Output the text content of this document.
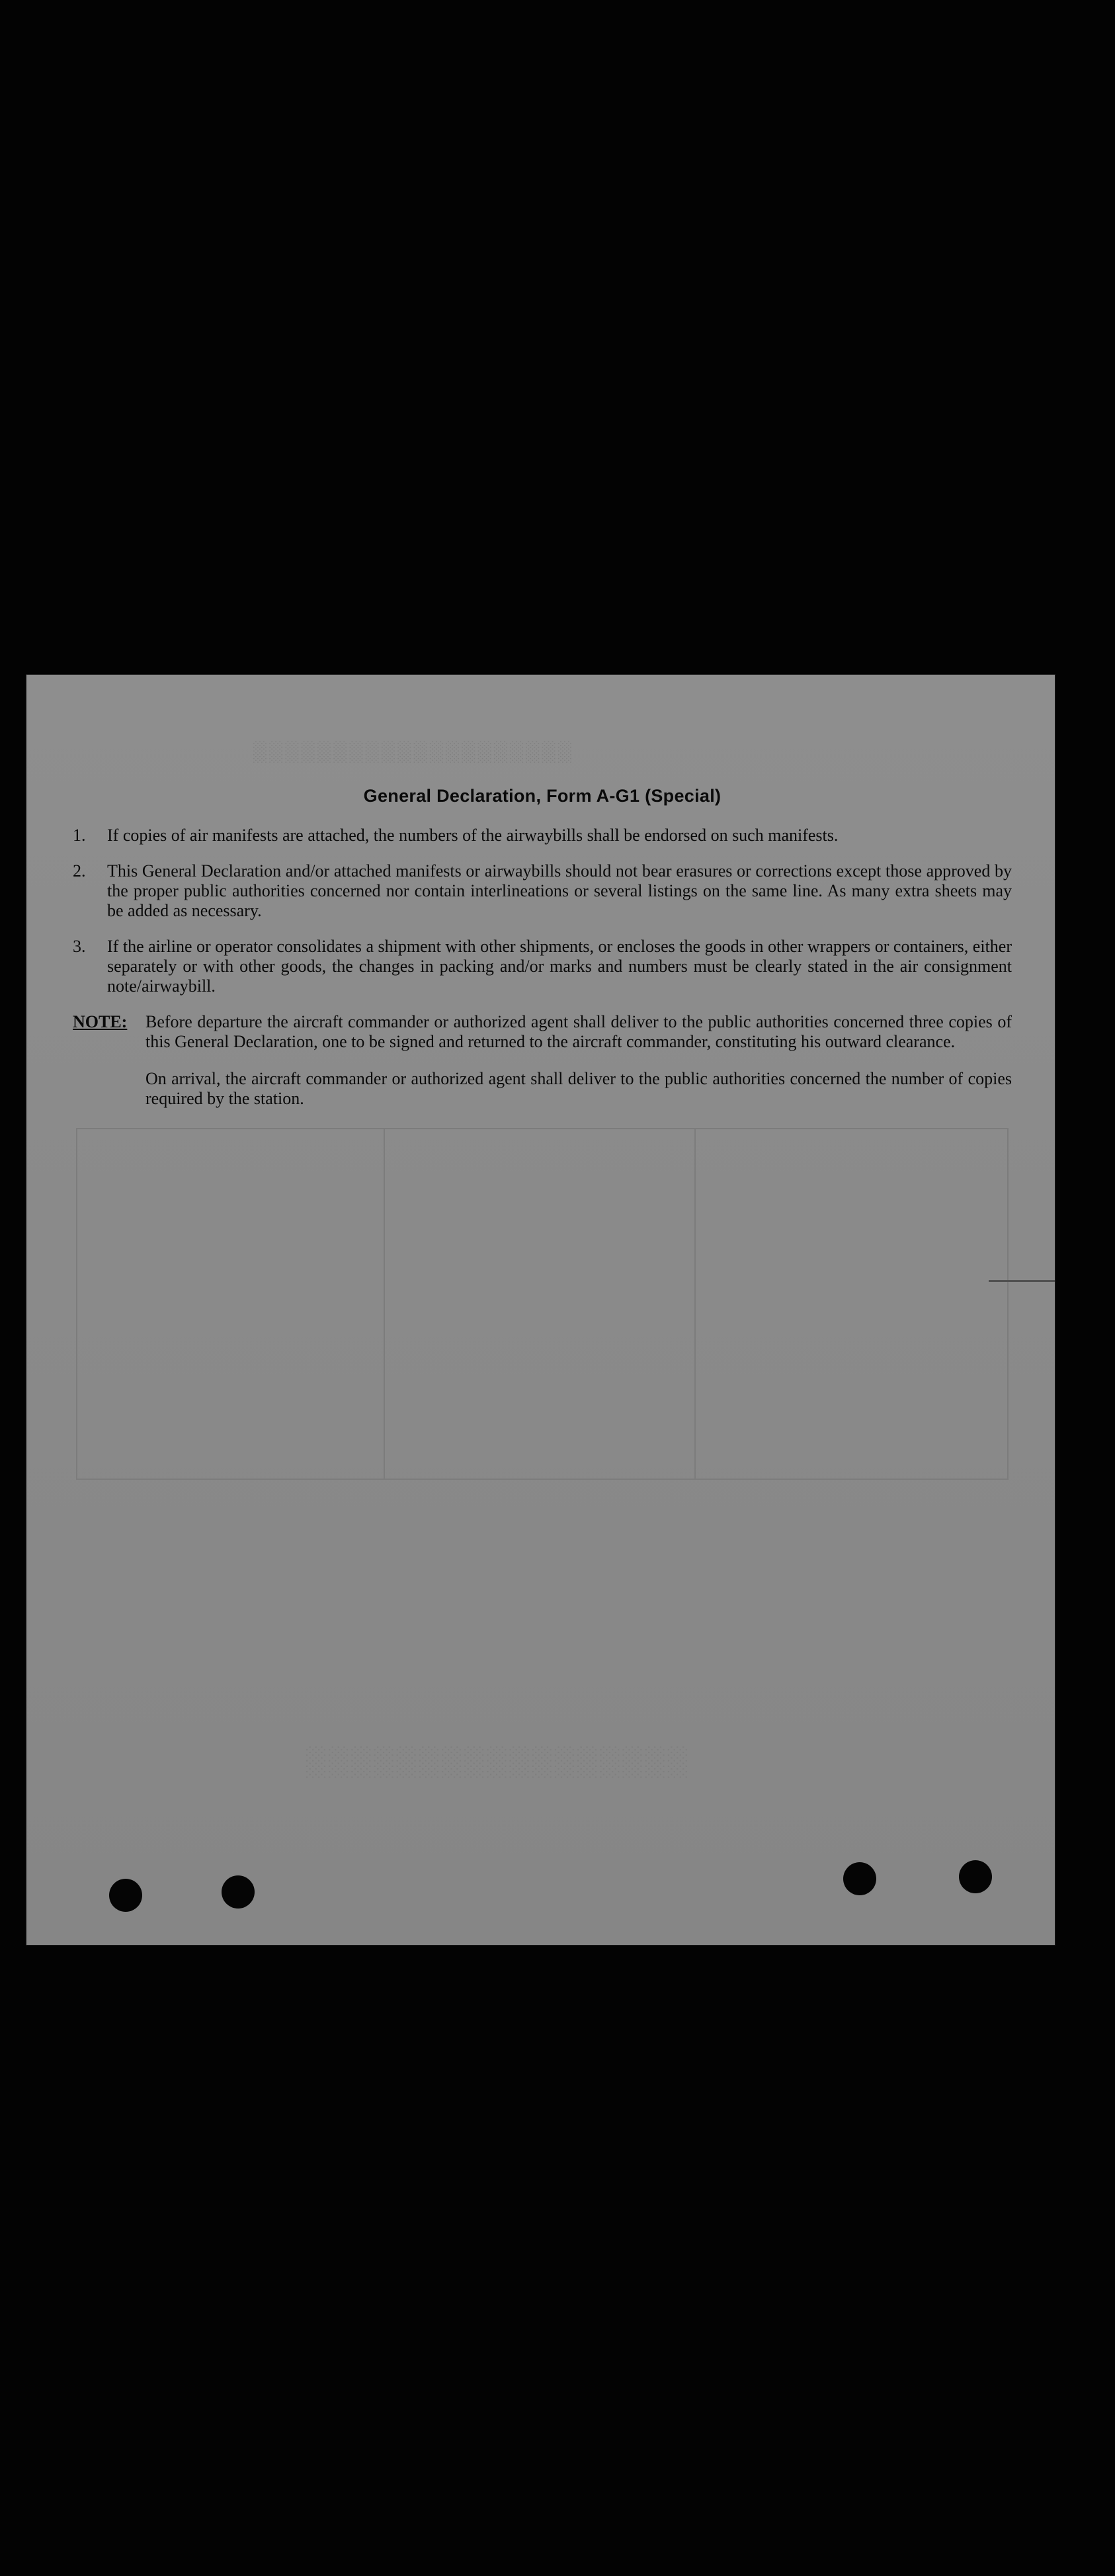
░░░░░░░░░░░░░░░░░░░░
░░░░░░░░░░░░░░░░░
General Declaration, Form A-G1 (Special)
1.	If copies of air manifests are attached, the numbers of the airwaybills shall be endorsed on such manifests.
2.	This General Declaration and/or attached manifests or airwaybills should not bear erasures or corrections except those approved by the proper public authorities concerned nor contain interlineations or several listings on the same line. As many extra sheets may be added as necessary.
3.	If the airline or operator consolidates a shipment with other shipments, or encloses the goods in other wrappers or containers, either separately or with other goods, the changes in packing and/or marks and numbers must be clearly stated in the air consignment note/airwaybill.
NOTE:	Before departure the aircraft commander or authorized agent shall deliver to the public authorities concerned three copies of this General Declaration, one to be signed and returned to the aircraft commander, constituting his outward clearance.
On arrival, the aircraft commander or authorized agent shall deliver to the public authorities concerned the number of copies required by the station.
